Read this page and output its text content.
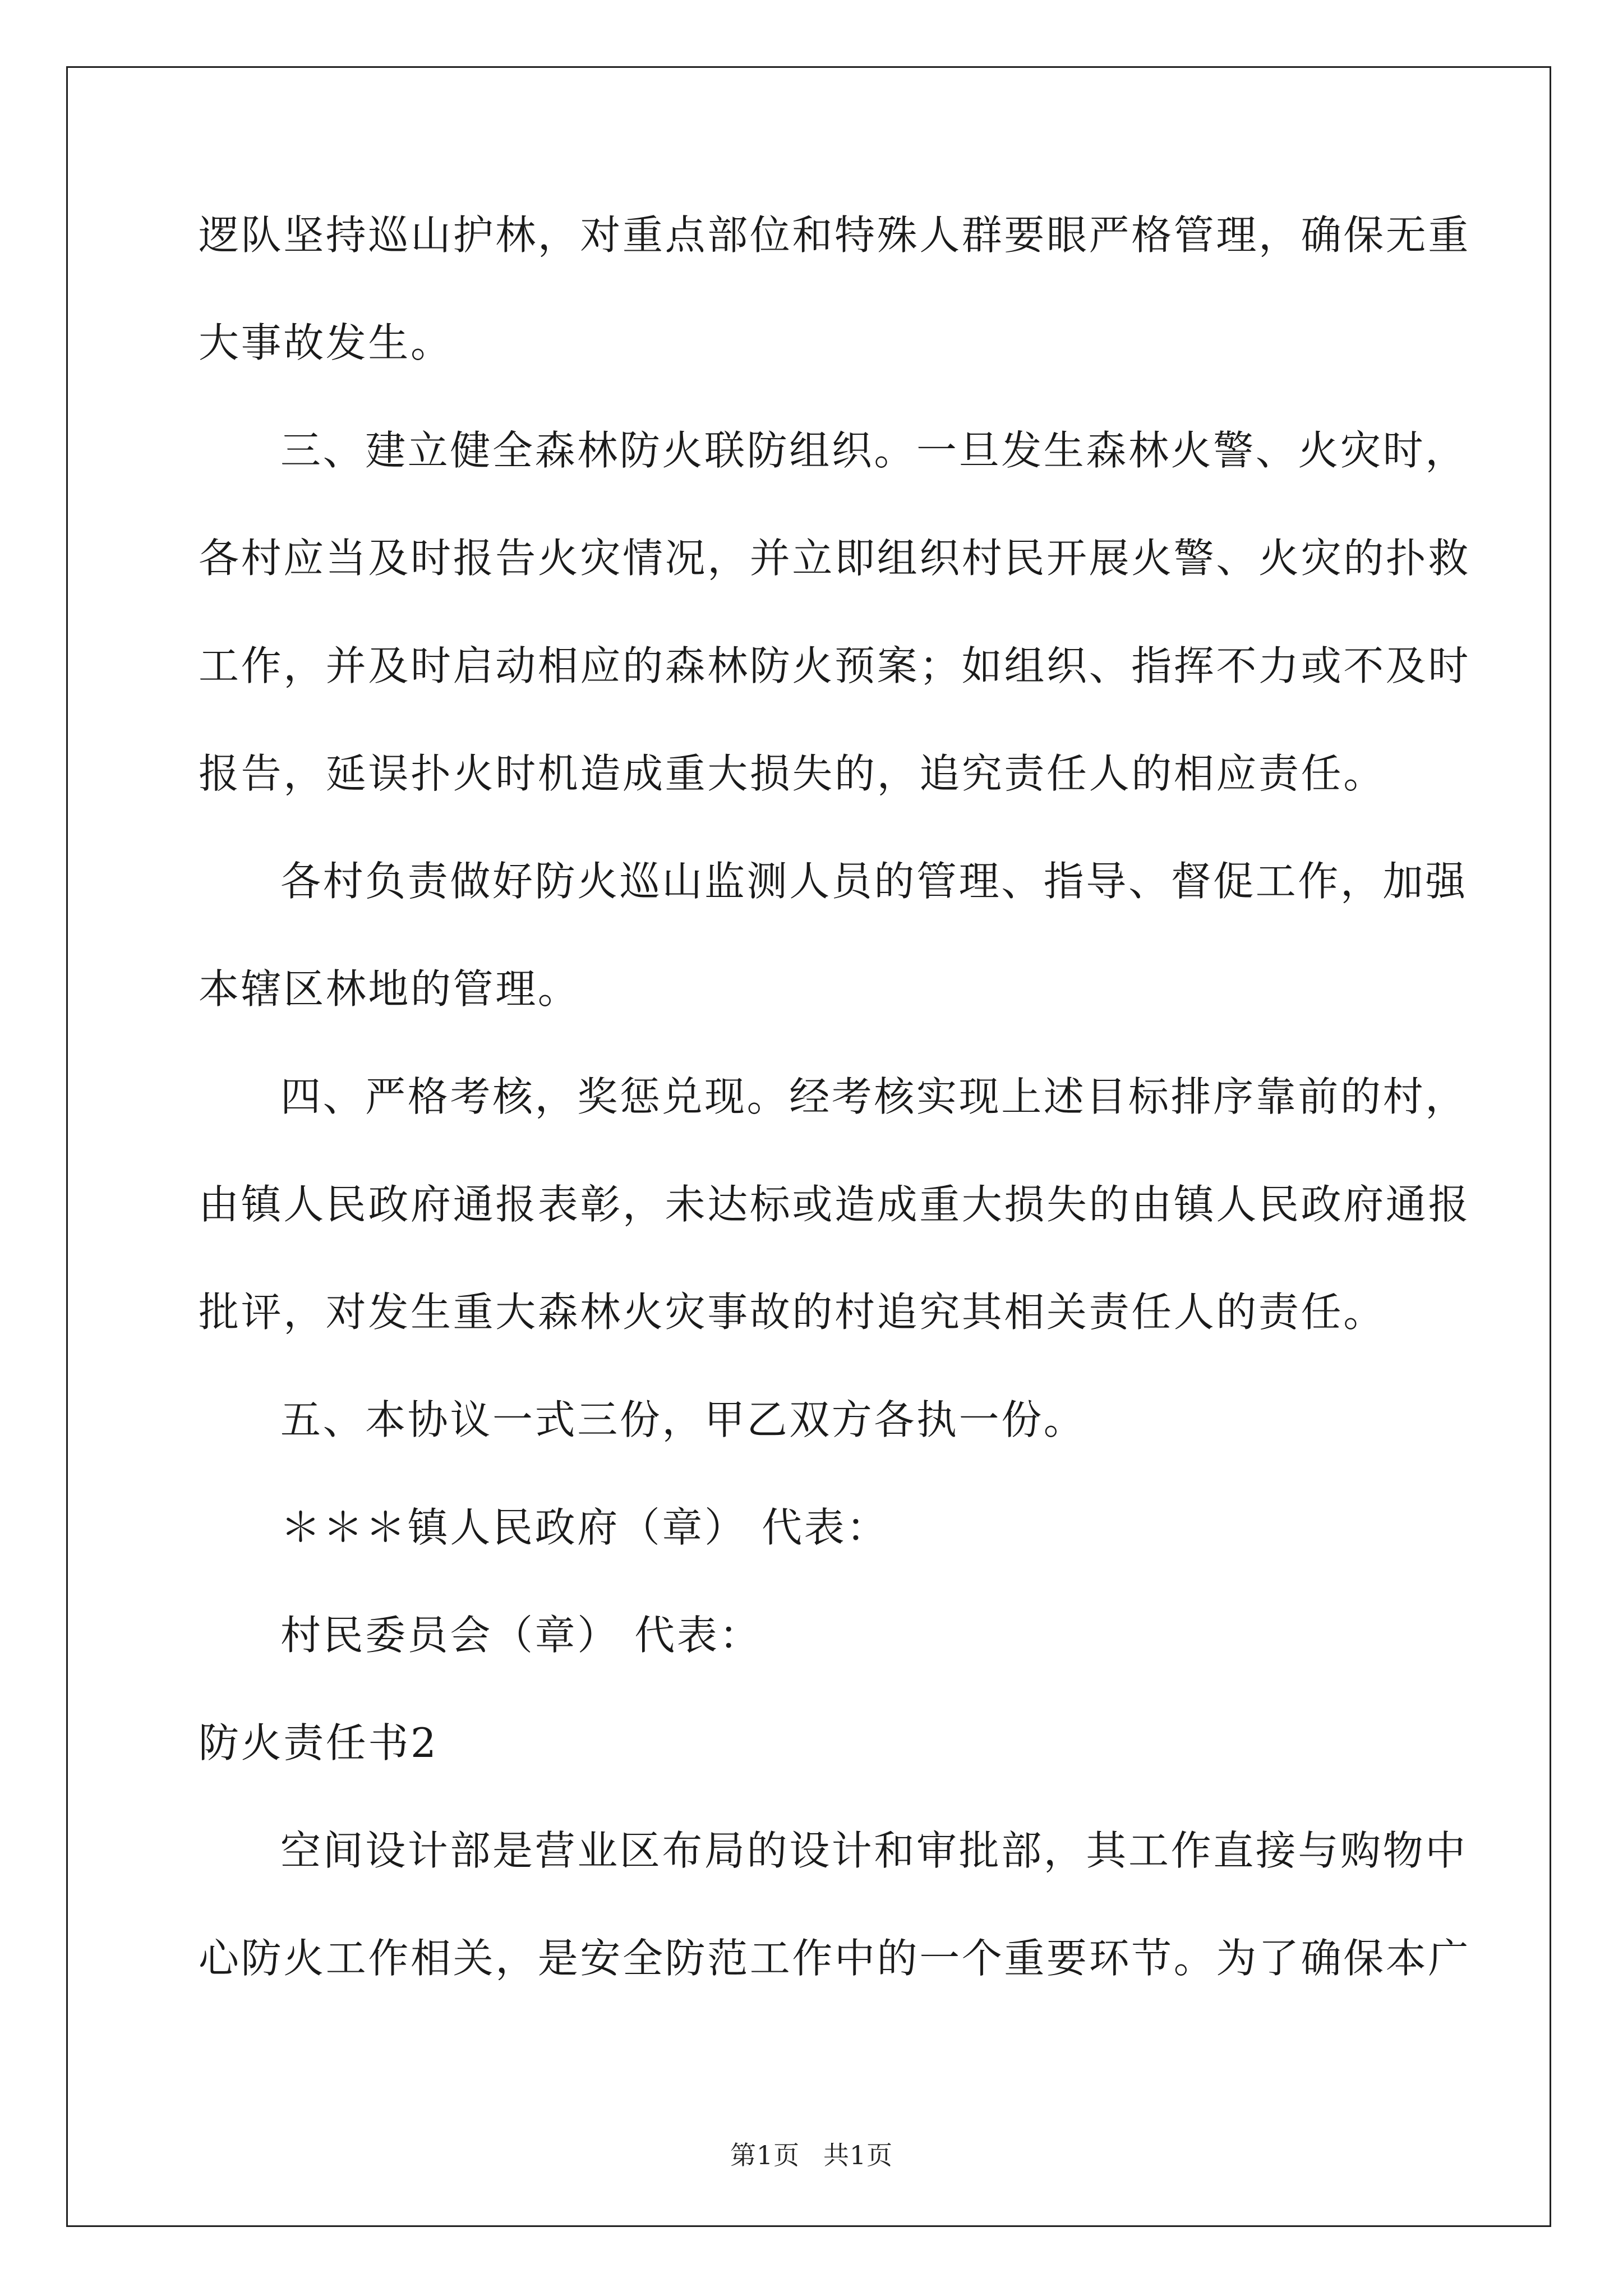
逻队坚持巡山护林，对重点部位和特殊人群要眼严格管理，确保无重
大事故发生。
三、建立健全森林防火联防组织。一旦发生森林火警、火灾时，
各村应当及时报告火灾情况，并立即组织村民开展火警、火灾的扑救
工作，并及时启动相应的森林防火预案；如组织、指挥不力或不及时
报告，延误扑火时机造成重大损失的，追究责任人的相应责任。
各村负责做好防火巡山监测人员的管理、指导、督促工作，加强
本辖区林地的管理。
四、严格考核，奖惩兑现。经考核实现上述目标排序靠前的村，
由镇人民政府通报表彰，未达标或造成重大损失的由镇人民政府通报
批评，对发生重大森林火灾事故的村追究其相关责任人的责任。
五、本协议一式三份，甲乙双方各执一份。
＊＊＊镇人民政府（章） 代表：
村民委员会（章） 代表：
防火责任书2
空间设计部是营业区布局的设计和审批部，其工作直接与购物中
心防火工作相关，是安全防范工作中的一个重要环节。为了确保本广
第1页 共1页
